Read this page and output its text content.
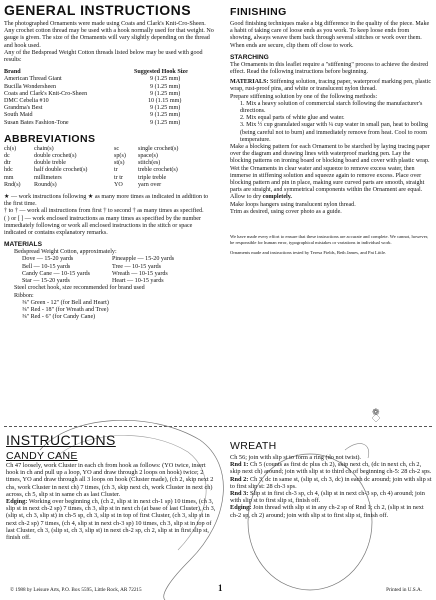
GENERAL INSTRUCTIONS

The photographed Ornaments were made using Coats and Clark's Knit-Cro-Sheen. Any crochet cotton thread may be used with a hook normally used for that weight. No gauge is given. The size of the Ornaments will vary slightly depending on the thread and hook used.

Any of the Bedspread Weight Cotton threads listed below may be used with good results:

Brand	Suggested Hook Size
American Thread Giant	9 (1.25 mm)
Bucilla Wondersheen	9 (1.25 mm)
Coats and Clark's Knit-Cro-Sheen	9 (1.25 mm)
DMC Cebelia #10	10 (1.15 mm)
Grandma's Best	9 (1.25 mm)
South Maid	9 (1.25 mm)
Susan Bates Fashion-Tone	9 (1.25 mm)
ABBREVIATIONS
ch(s)	chain(s)
dc	double crochet(s)
dtr	double treble
hdc	half double crochet(s)
mm	millimeters
Rnd(s)	Round(s)
sc	single crochet(s)
sp(s)	space(s)
st(s)	stitch(es)
tr	treble crochet(s)
tr tr	triple treble
YO	yarn over

★ — work instructions following ★ as many more times as indicated in addition to the first time.

† to † — work all instructions from first † to second † as many times as specified.

( ) or [ ] — work enclosed instructions as many times as specified by the number immediately following or work all enclosed instructions in the stitch or space indicated or contains explanatory remarks.

MATERIALS

Bedspread Weight Cotton, approximately:

Dove — 15-20 yards	Pineapple — 15-20 yards
Bell — 10-15 yards	Tree — 10-15 yards
Candy Cane — 10-15 yards	Wreath — 10-15 yards
Star — 15-20 yards	Heart — 10-15 yards

Steel crochet hook, size recommended for brand used

Ribbon:

⅜" Green - 12" (for Bell and Heart)

⅜" Red - 18" (for Wreath and Tree)

⅜" Red - 6" (for Candy Cane)

FINISHING

Good finishing techniques make a big difference in the quality of the piece. Make a habit of taking care of loose ends as you work. To keep loose ends from showing, always weave them back through several stitches or work over them. When ends are secure, clip them off close to work.

STARCHING

The Ornaments in this leaflet require a "stiffening" process to achieve the desired effect. Read the following instructions before beginning.

MATERIALS: Stiffening solution, tracing paper, waterproof marking pen, plastic wrap, rust-proof pins, and white or translucent nylon thread.

Prepare stiffening solution by one of the following methods:

1. Mix a heavy solution of commercial starch following the manufacturer's directions.

2. Mix equal parts of white glue and water.

3. Mix ½ cup granulated sugar with ¼ cup water in small pan, heat to boiling (being careful not to burn) and immediately remove from heat. Cool to room temperature.

Make a blocking pattern for each Ornament to be starched by laying tracing paper over the diagram and drawing lines with waterproof marking pen. Lay the blocking patterns on ironing board or blocking board and cover with plastic wrap. Wet the Ornaments in clear water and squeeze to remove excess water, then immerse in stiffening solution and squeeze again to remove excess. Place over blocking pattern and pin in place, making sure curved parts are smooth, straight parts are straight, and symmetrical components within the Ornament are equal. Allow to dry completely.

Make loops hangers using translucent nylon thread.

Trim as desired, using cover photo as a guide.

We have made every effort to ensure that these instructions are accurate and complete. We cannot, however, be responsible for human error, typographical mistakes or variations in individual work.

Ornaments made and instructions tested by Teresa Fields, Beth James, and Pat Little.

❁
INSTRUCTIONS
CANDY CANE

Ch 47 loosely, work Cluster in each ch from hook as follows: (YO twice, insert hook in ch and pull up a loop, YO and draw through 2 loops on hook) twice; 2 times, YO and draw through all 3 loops on hook (Cluster made), (ch 2, skip next 2 chs, work Cluster in next ch) 7 times, (ch 3, skip next ch, work Cluster in next ch) across, ch 5, slip st in same ch as last Cluster.

Edging: Working over beginning ch, (ch 2, slip st in next ch-1 sp) 10 times, (ch 3, slip st in next ch-2 sp) 7 times, ch 3, slip st in next ch (at base of last Cluster), ch 3, (slip st, ch 3, slip st) in ch-5 sp, ch 3, slip st in top of first Cluster, (ch 3, slip st in next ch-2 sp) 7 times, (ch 4, slip st in next ch-3 sp) 10 times, ch 3, slip st in top of last Cluster, ch 3, (slip st, ch 3, slip st) in next ch-2 sp, ch 2, slip st in first slip st, finish off.

WREATH

Ch 56; join with slip st to form a ring (do not twist).

Rnd 1: Ch 5 (counts as first dc plus ch 2), skip next ch, (dc in next ch, ch 2, skip next ch) around; join with slip st to third ch of beginning ch-5: 28 ch-2 sps.

Rnd 2: Ch 3, dc in same st, (slip st, ch 3, dc) in each dc around; join with slip st to first slip st: 28 ch-3 sps.

Rnd 3: Slip st in first ch-3 sp, ch 4, (slip st in next ch-3 sp, ch 4) around; join with slip st to first slip st, finish off.

Edging: Join thread with slip st in any ch-2 sp of Rnd 1; ch 2, (slip st in next ch-2 sp, ch 2) around; join with slip st to first slip st, finish off.

© 1988 by Leisure Arts, P.O. Box 5595, Little Rock, AR 72215	1	Printed in U.S.A.
